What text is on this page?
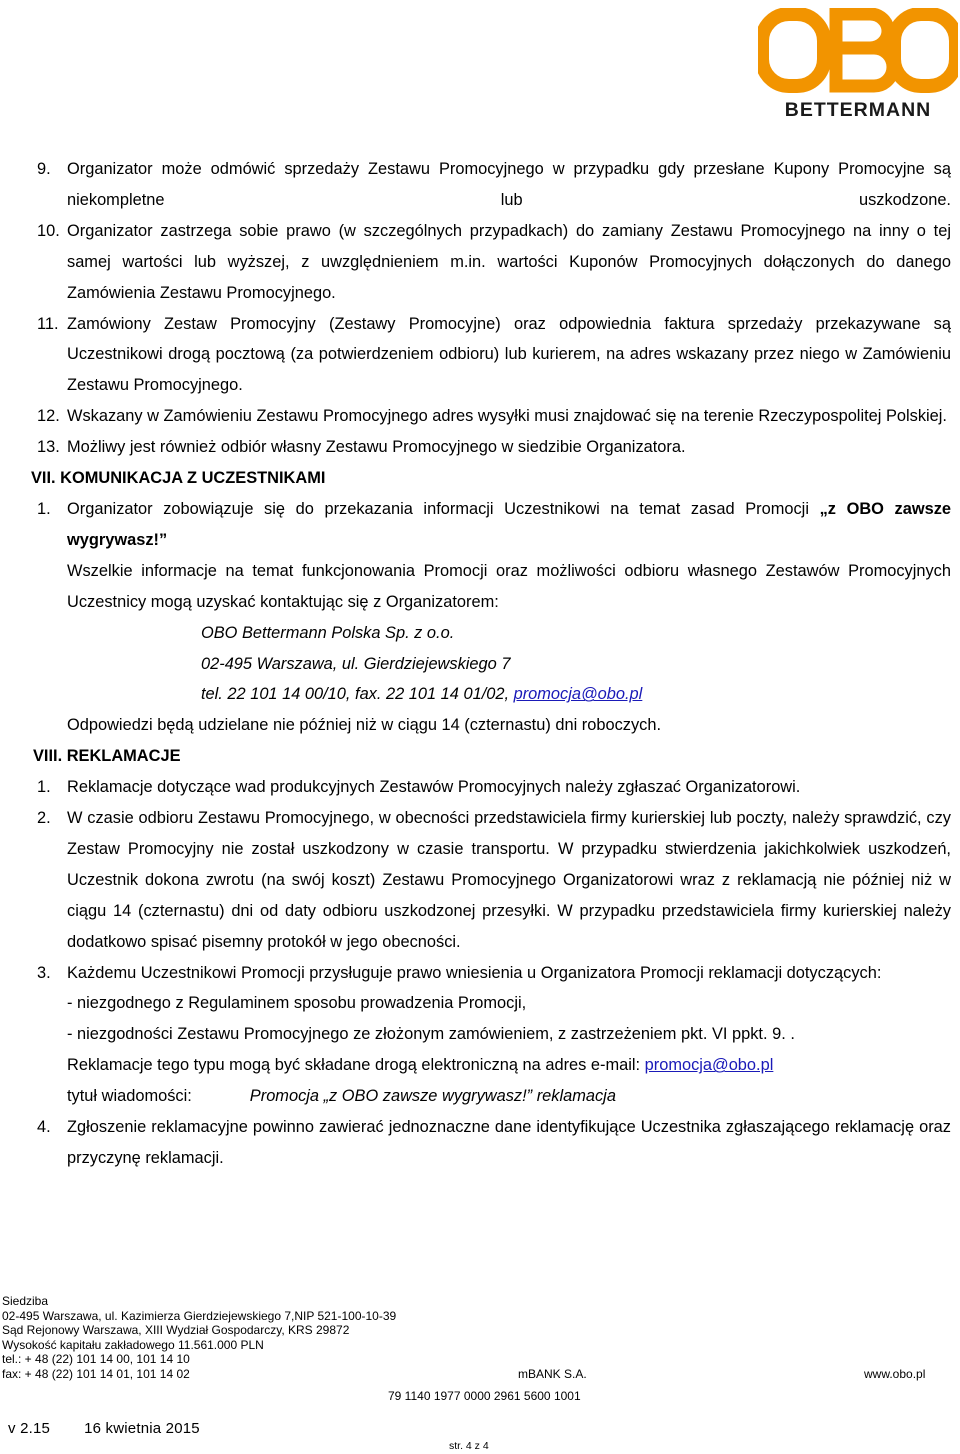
BETTERMANN
9. Organizator może odmówić sprzedaży Zestawu Promocyjnego w przypadku gdy przesłane Kupony Promocyjne są niekompletne lub uszkodzone.
10. Organizator zastrzega sobie prawo (w szczególnych przypadkach) do zamiany Zestawu Promocyjnego na inny o tej samej wartości lub wyższej, z uwzględnieniem m.in. wartości Kuponów Promocyjnych dołączonych do danego Zamówienia Zestawu Promocyjnego.
11. Zamówiony Zestaw Promocyjny (Zestawy Promocyjne) oraz odpowiednia faktura sprzedaży przekazywane są Uczestnikowi drogą pocztową (za potwierdzeniem odbioru) lub kurierem, na adres wskazany przez niego w Zamówieniu Zestawu Promocyjnego.
12. Wskazany w Zamówieniu Zestawu Promocyjnego adres wysyłki musi znajdować się na terenie Rzeczypospolitej Polskiej.
13. Możliwy jest również odbiór własny Zestawu Promocyjnego w siedzibie Organizatora.
VII. KOMUNIKACJA Z UCZESTNIKAMI
1. Organizator zobowiązuje się do przekazania informacji Uczestnikowi na temat zasad Promocji „z OBO zawsze wygrywasz!”
Wszelkie informacje na temat funkcjonowania Promocji oraz możliwości odbioru własnego Zestawów Promocyjnych Uczestnicy mogą uzyskać kontaktując się z Organizatorem:
OBO Bettermann Polska Sp. z o.o.
02-495 Warszawa, ul. Gierdziejewskiego 7
tel. 22 101 14 00/10, fax. 22 101 14 01/02, promocja@obo.pl
Odpowiedzi będą udzielane nie później niż w ciągu 14 (czternastu) dni roboczych.
VIII. REKLAMACJE
1. Reklamacje dotyczące wad produkcyjnych Zestawów Promocyjnych należy zgłaszać Organizatorowi.
2. W czasie odbioru Zestawu Promocyjnego, w obecności przedstawiciela firmy kurierskiej lub poczty, należy sprawdzić, czy Zestaw Promocyjny nie został uszkodzony w czasie transportu. W przypadku stwierdzenia jakichkolwiek uszkodzeń, Uczestnik dokona zwrotu (na swój koszt) Zestawu Promocyjnego Organizatorowi wraz z reklamacją nie później niż w ciągu 14 (czternastu) dni od daty odbioru uszkodzonej przesyłki. W przypadku przedstawiciela firmy kurierskiej należy dodatkowo spisać pisemny protokół w jego obecności.
3. Każdemu Uczestnikowi Promocji przysługuje prawo wniesienia u Organizatora Promocji reklamacji dotyczących:
- niezgodnego z Regulaminem sposobu prowadzenia Promocji,
- niezgodności Zestawu Promocyjnego ze złożonym zamówieniem, z zastrzeżeniem pkt. VI ppkt. 9. .
Reklamacje tego typu mogą być składane drogą elektroniczną na adres e-mail: promocja@obo.pl
tytuł wiadomości:	Promocja „z OBO zawsze wygrywasz!” reklamacja
4. Zgłoszenie reklamacyjne powinno zawierać jednoznaczne dane identyfikujące Uczestnika zgłaszającego reklamację oraz przyczynę reklamacji.
Siedziba
02-495 Warszawa, ul. Kazimierza Gierdziejewskiego 7,NIP 521-100-10-39
Sąd Rejonowy Warszawa, XIII Wydział Gospodarczy, KRS 29872
Wysokość kapitału zakładowego 11.561.000 PLN
tel.: + 48 (22) 101 14 00, 101 14 10
fax: + 48 (22) 101 14 01, 101 14 02	mBANK S.A.	www.obo.pl
79 1140 1977 0000 2961 5600 1001
v 2.15 16 kwietnia 2015
str. 4 z 4
